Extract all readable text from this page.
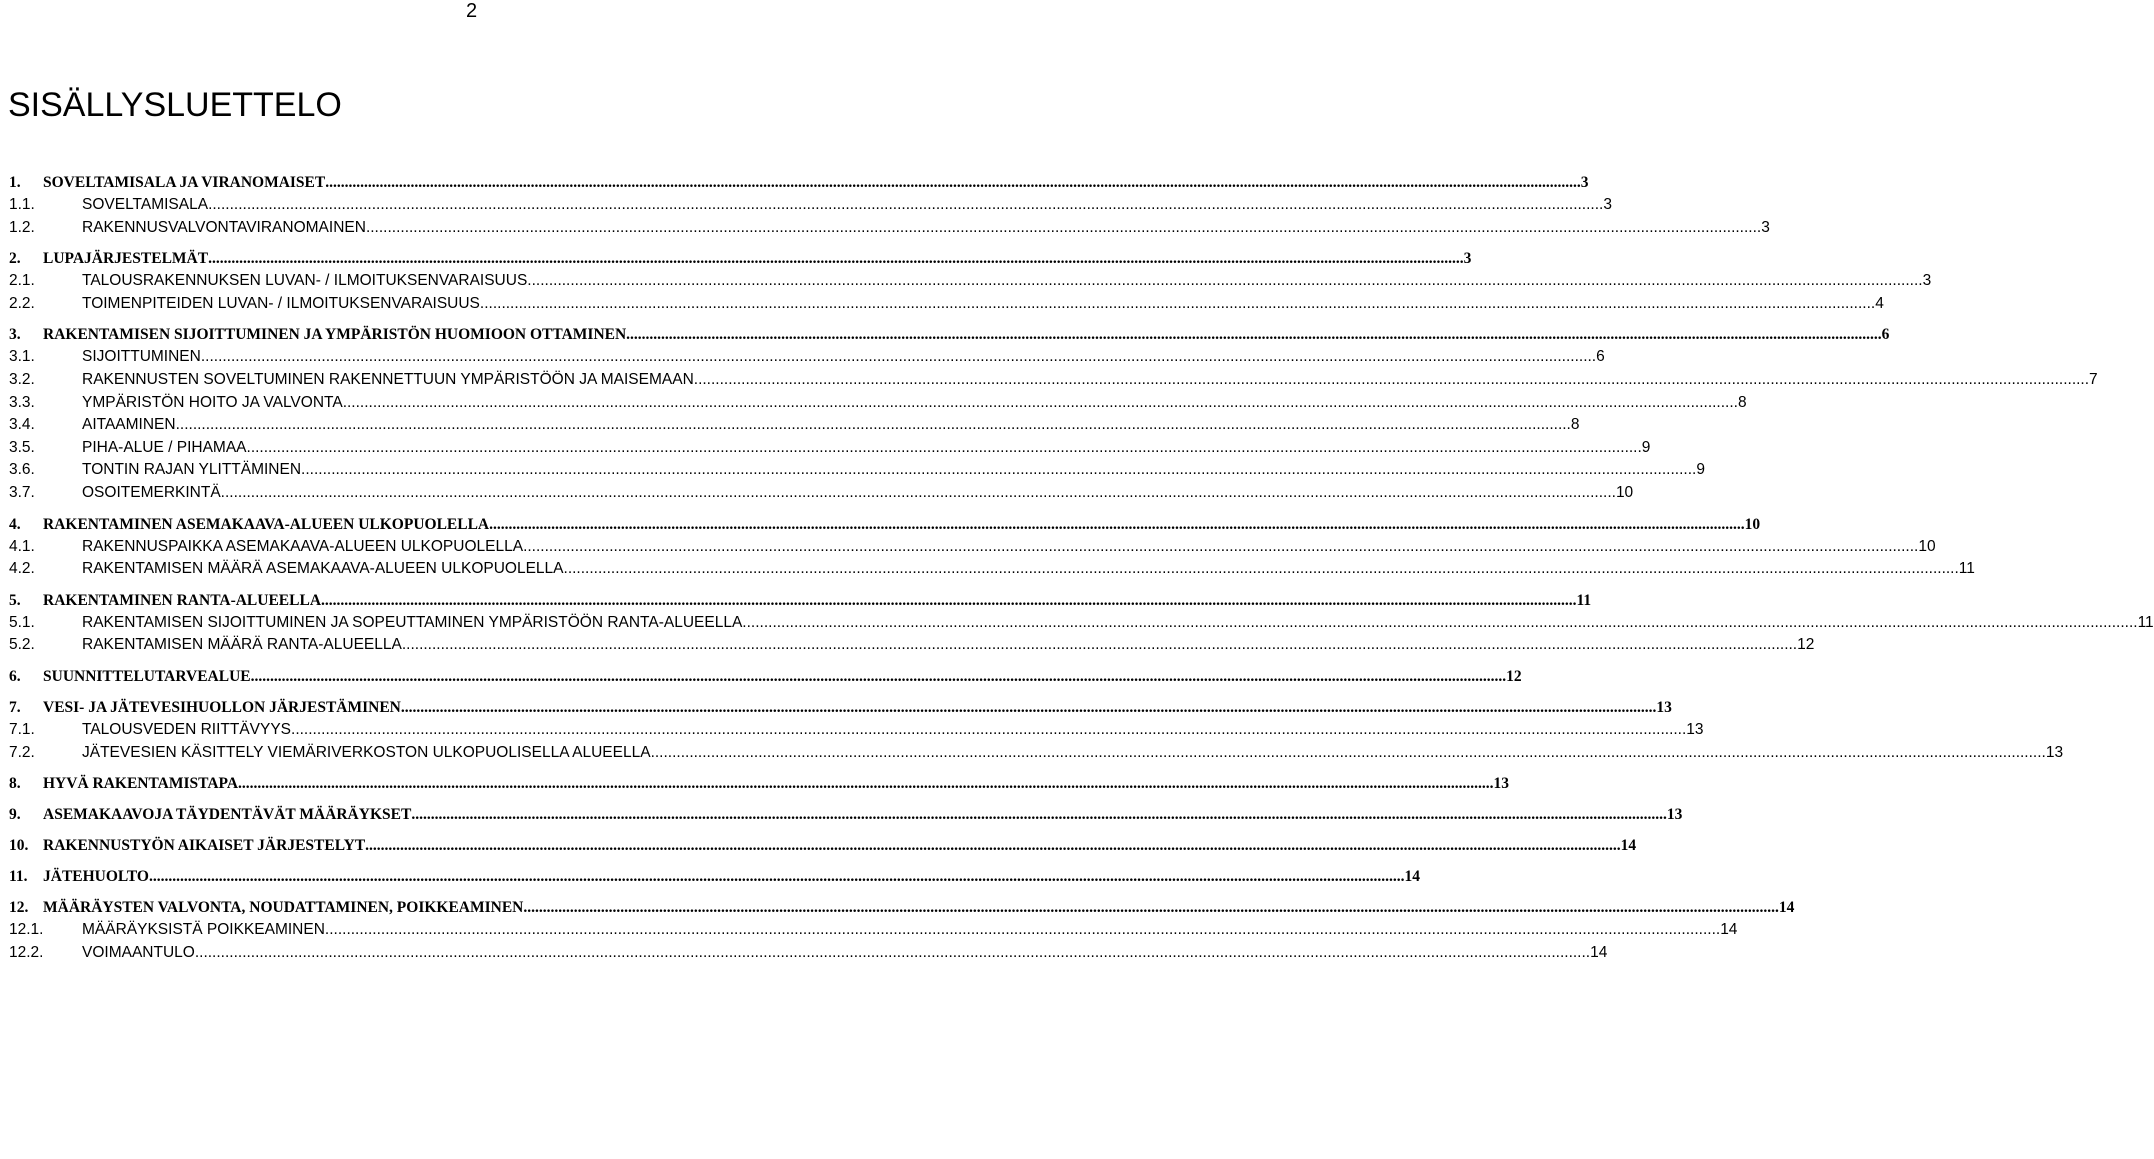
2
SISÄLLYSLUETTELO
1.	SOVELTAMISALA JA VIRANOMAISET .....	3
1.1.	SOVELTAMISALA .....	3
1.2.	RAKENNUSVALVONTAVIRANOMAINEN .....	3
2.	LUPAJÄRJESTELMÄT .....	3
2.1.	TALOUSRAKENNUKSEN LUVAN- / ILMOITUKSENVARAISUUS .....	3
2.2.	TOIMENPITEIDEN LUVAN- / ILMOITUKSENVARAISUUS .....	4
3.	RAKENTAMISEN SIJOITTUMINEN JA YMPÄRISTÖN HUOMIOON OTTAMINEN .....	6
3.1.	SIJOITTUMINEN .....	6
3.2.	RAKENNUSTEN SOVELTUMINEN RAKENNETTUUN YMPÄRISTÖÖN JA MAISEMAAN .....	7
3.3.	YMPÄRISTÖN HOITO JA VALVONTA .....	8
3.4.	AITAAMINEN .....	8
3.5.	PIHA-ALUE / PIHAMAA .....	9
3.6.	TONTIN RAJAN YLITTÄMINEN .....	9
3.7.	OSOITEMERKINTÄ .....	10
4.	RAKENTAMINEN ASEMAKAAVA-ALUEEN ULKOPUOLELLA .....	10
4.1.	RAKENNUSPAIKKA ASEMAKAAVA-ALUEEN ULKOPUOLELLA .....	10
4.2.	RAKENTAMISEN MÄÄRÄ ASEMAKAAVA-ALUEEN ULKOPUOLELLA .....	11
5.	RAKENTAMINEN RANTA-ALUEELLA .....	11
5.1.	RAKENTAMISEN SIJOITTUMINEN JA SOPEUTTAMINEN YMPÄRISTÖÖN RANTA-ALUEELLA .....	11
5.2.	RAKENTAMISEN MÄÄRÄ RANTA-ALUEELLA .....	12
6.	SUUNNITTELUTARVEALUE .....	12
7.	VESI- JA JÄTEVESIHUOLLON JÄRJESTÄMINEN .....	13
7.1.	TALOUSVEDEN RIITTÄVYYS .....	13
7.2.	JÄTEVESIEN KÄSITTELY VIEMÄRIVERKOSTON ULKOPUOLISELLA ALUEELLA .....	13
8.	HYVÄ RAKENTAMISTAPA .....	13
9.	ASEMAKAAVOJA TÄYDENTÄVÄT MÄÄRÄYKSET .....	13
10. RAKENNUSTYÖN AIKAISET JÄRJESTELYT .....	14
11. JÄTEHUOLTO .....	14
12. MÄÄRÄYSTEN VALVONTA, NOUDATTAMINEN, POIKKEAMINEN .....	14
12.1.	MÄÄRÄYKSISTÄ POIKKEAMINEN .....	14
12.2.	VOIMAANTULO .....	14
